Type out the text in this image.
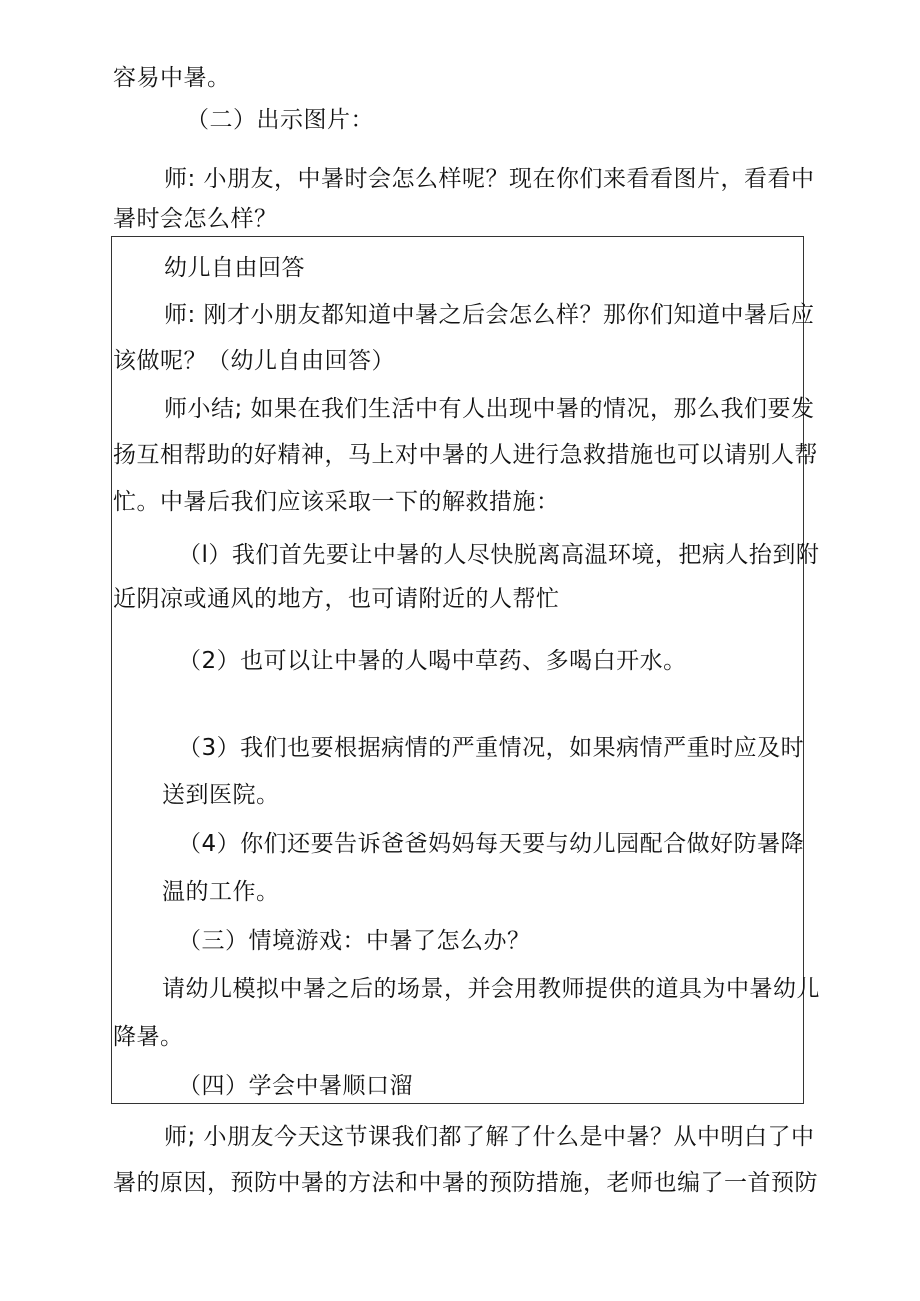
容易中暑。
（二）出示图片：
师: 小朋友，中暑时会怎么样呢？现在你们来看看图片，看看中
暑时会怎么样？
幼儿自由回答
师: 刚才小朋友都知道中暑之后会怎么样？那你们知道中暑后应
该做呢？（幼儿自由回答）
师小结; 如果在我们生活中有人出现中暑的情况，那么我们要发
扬互相帮助的好精神，马上对中暑的人进行急救措施也可以请别人帮
忙。中暑后我们应该采取一下的解救措施：
（l）我们首先要让中暑的人尽快脱离高温环境，把病人抬到附
近阴凉或通风的地方，也可请附近的人帮忙
（2）也可以让中暑的人喝中草药、多喝白开水。
（3）我们也要根据病情的严重情况，如果病情严重时应及时
送到医院。
（4）你们还要告诉爸爸妈妈每天要与幼儿园配合做好防暑降
温的工作。
（三）情境游戏：中暑了怎么办？
请幼儿模拟中暑之后的场景，并会用教师提供的道具为中暑幼儿
降暑。
（四）学会中暑顺口溜
师; 小朋友今天这节课我们都了解了什么是中暑？从中明白了中
暑的原因，预防中暑的方法和中暑的预防措施，老师也编了一首预防
